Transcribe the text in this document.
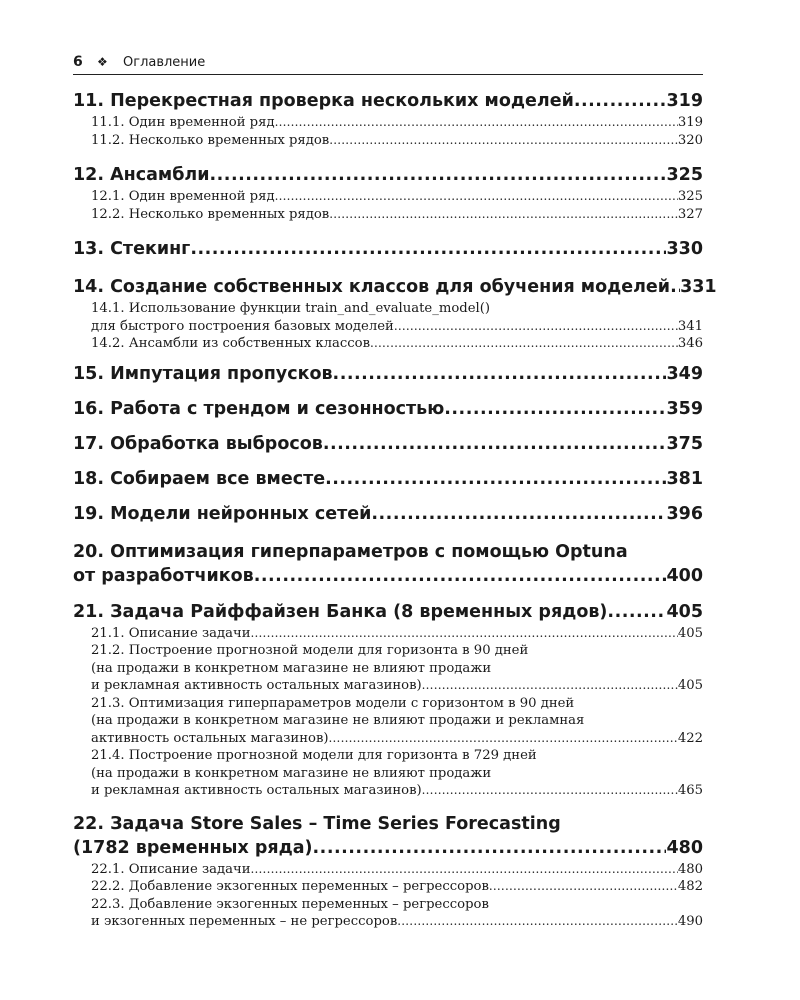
6	❖	Оглавление
11. Перекрестная проверка нескольких моделей .....	319
11.1. Один временной ряд .....	319
11.2. Несколько временных рядов .....	320
12. Ансамбли .....	325
12.1. Один временной ряд .....	325
12.2. Несколько временных рядов .....	327
13. Стекинг .....	330
14. Создание собственных классов для обучения моделей ..... 331
14.1. Использование функции train_and_evaluate_model()
для быстрого построения базовых моделей .....	341
14.2. Ансамбли из собственных классов .....	346
15. Импутация пропусков .....	349
16. Работа с трендом и сезонностью .....	359
17. Обработка выбросов .....	375
18. Собираем все вместе .....	381
19. Модели нейронных сетей .....	396
20. Оптимизация гиперпараметров с помощью Optuna
от разработчиков .....	400
21. Задача Райффайзен Банка (8 временных рядов) .....	405
21.1. Описание задачи .....	405
21.2. Построение прогнозной модели для горизонта в 90 дней
(на продажи в конкретном магазине не влияют продажи
и рекламная активность остальных магазинов) .....	405
21.3. Оптимизация гиперпараметров модели с горизонтом в 90 дней
(на продажи в конкретном магазине не влияют продажи и рекламная
активность остальных магазинов) .....	422
21.4. Построение прогнозной модели для горизонта в 729 дней
(на продажи в конкретном магазине не влияют продажи
и рекламная активность остальных магазинов) .....	465
22. Задача Store Sales – Time Series Forecasting
(1782 временных ряда) .....	480
22.1. Описание задачи .....	480
22.2. Добавление экзогенных переменных – регрессоров .....	482
22.3. Добавление экзогенных переменных – регрессоров
и экзогенных переменных – не регрессоров .....	490
